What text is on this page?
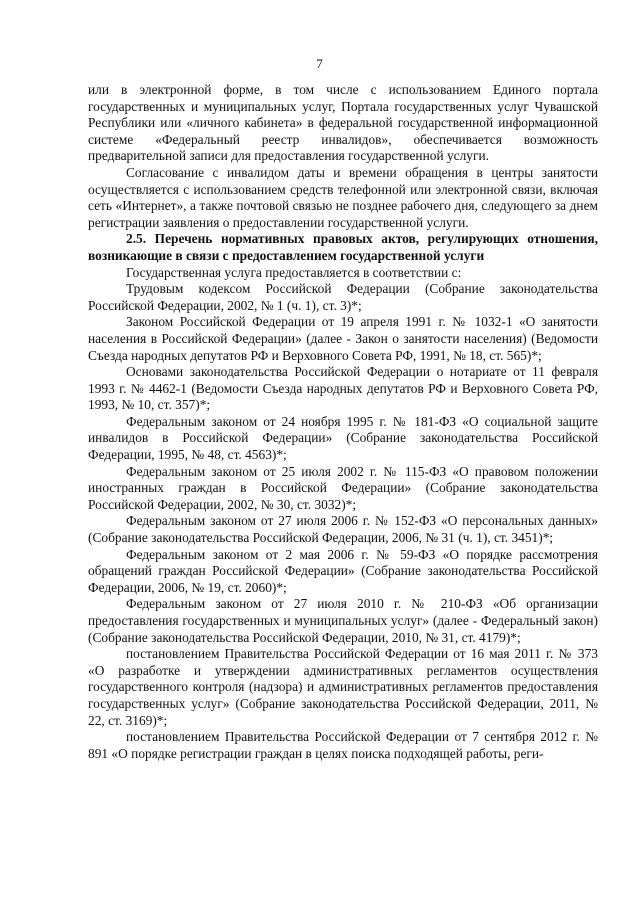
7

или в электронной форме, в том числе с использованием Единого портала государственных и муниципальных услуг, Портала государственных услуг Чувашской Республики или «личного кабинета» в федеральной государственной информационной системе «Федеральный реестр инвалидов», обеспечивается возможность предварительной записи для предоставления государственной услуги.

Согласование с инвалидом даты и времени обращения в центры занятости осуществляется с использованием средств телефонной или электронной связи, включая сеть «Интернет», а также почтовой связью не позднее рабочего дня, следующего за днем регистрации заявления о предоставлении государственной услуги.

2.5. Перечень нормативных правовых актов, регулирующих отношения, возникающие в связи с предоставлением государственной услуги

Государственная услуга предоставляется в соответствии с:

Трудовым кодексом Российской Федерации (Собрание законодательства Российской Федерации, 2002, № 1 (ч. 1), ст. 3)*;

Законом Российской Федерации от 19 апреля 1991 г. № 1032-1 «О занятости населения в Российской Федерации» (далее - Закон о занятости населения) (Ведомости Съезда народных депутатов РФ и Верховного Совета РФ, 1991, № 18, ст. 565)*;

Основами законодательства Российской Федерации о нотариате от 11 февраля 1993 г. № 4462-1 (Ведомости Съезда народных депутатов РФ и Верховного Совета РФ, 1993, № 10, ст. 357)*;

Федеральным законом от 24 ноября 1995 г. № 181-ФЗ «О социальной защите инвалидов в Российской Федерации» (Собрание законодательства Российской Федерации, 1995, № 48, ст. 4563)*;

Федеральным законом от 25 июля 2002 г. № 115-ФЗ «О правовом положении иностранных граждан в Российской Федерации» (Собрание законодательства Российской Федерации, 2002, № 30, ст. 3032)*;

Федеральным законом от 27 июля 2006 г. № 152-ФЗ «О персональных данных» (Собрание законодательства Российской Федерации, 2006, № 31 (ч. 1), ст. 3451)*;

Федеральным законом от 2 мая 2006 г. № 59-ФЗ «О порядке рассмотрения обращений граждан Российской Федерации» (Собрание законодательства Российской Федерации, 2006, № 19, ст. 2060)*;

Федеральным законом от 27 июля 2010 г. № 210-ФЗ «Об организации предоставления государственных и муниципальных услуг» (далее - Федеральный закон) (Собрание законодательства Российской Федерации, 2010, № 31, ст. 4179)*;

постановлением Правительства Российской Федерации от 16 мая 2011 г. № 373 «О разработке и утверждении административных регламентов осуществления государственного контроля (надзора) и административных регламентов предоставления государственных услуг» (Собрание законодательства Российской Федерации, 2011, № 22, ст. 3169)*;

постановлением Правительства Российской Федерации от 7 сентября 2012 г. № 891 «О порядке регистрации граждан в целях поиска подходящей работы, реги-
